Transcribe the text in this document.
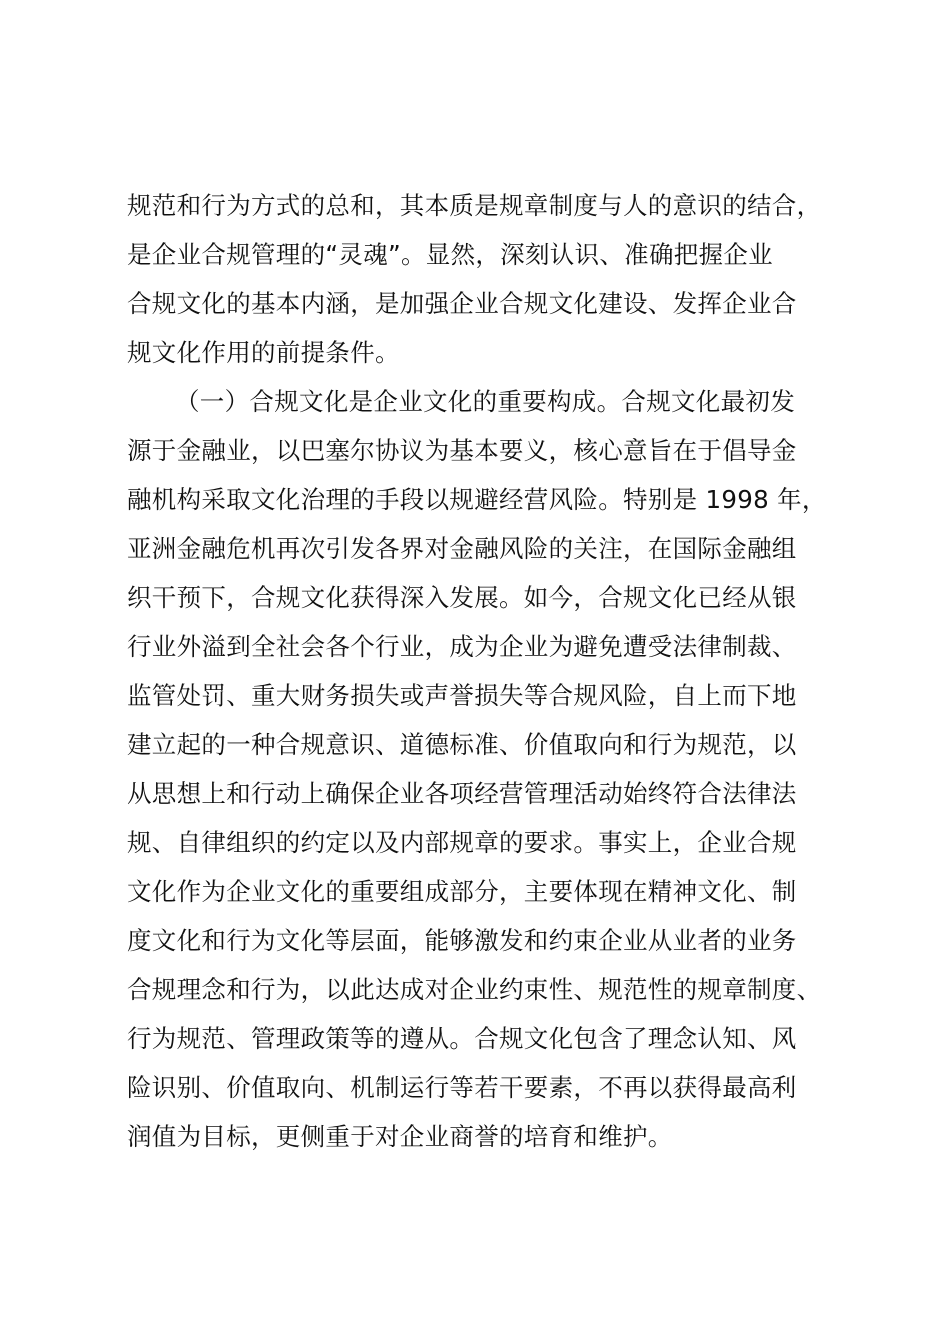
规范和行为方式的总和，其本质是规章制度与人的意识的结合，
是企业合规管理的“灵魂”。显然，深刻认识、准确把握企业
合规文化的基本内涵，是加强企业合规文化建设、发挥企业合
规文化作用的前提条件。
（一）合规文化是企业文化的重要构成。合规文化最初发
源于金融业，以巴塞尔协议为基本要义，核心意旨在于倡导金
融机构采取文化治理的手段以规避经营风险。特别是 1998 年，
亚洲金融危机再次引发各界对金融风险的关注，在国际金融组
织干预下，合规文化获得深入发展。如今，合规文化已经从银
行业外溢到全社会各个行业，成为企业为避免遭受法律制裁、
监管处罚、重大财务损失或声誉损失等合规风险，自上而下地
建立起的一种合规意识、道德标准、价值取向和行为规范，以
从思想上和行动上确保企业各项经营管理活动始终符合法律法
规、自律组织的约定以及内部规章的要求。事实上，企业合规
文化作为企业文化的重要组成部分，主要体现在精神文化、制
度文化和行为文化等层面，能够激发和约束企业从业者的业务
合规理念和行为，以此达成对企业约束性、规范性的规章制度、
行为规范、管理政策等的遵从。合规文化包含了理念认知、风
险识别、价值取向、机制运行等若干要素，不再以获得最高利
润值为目标，更侧重于对企业商誉的培育和维护。
